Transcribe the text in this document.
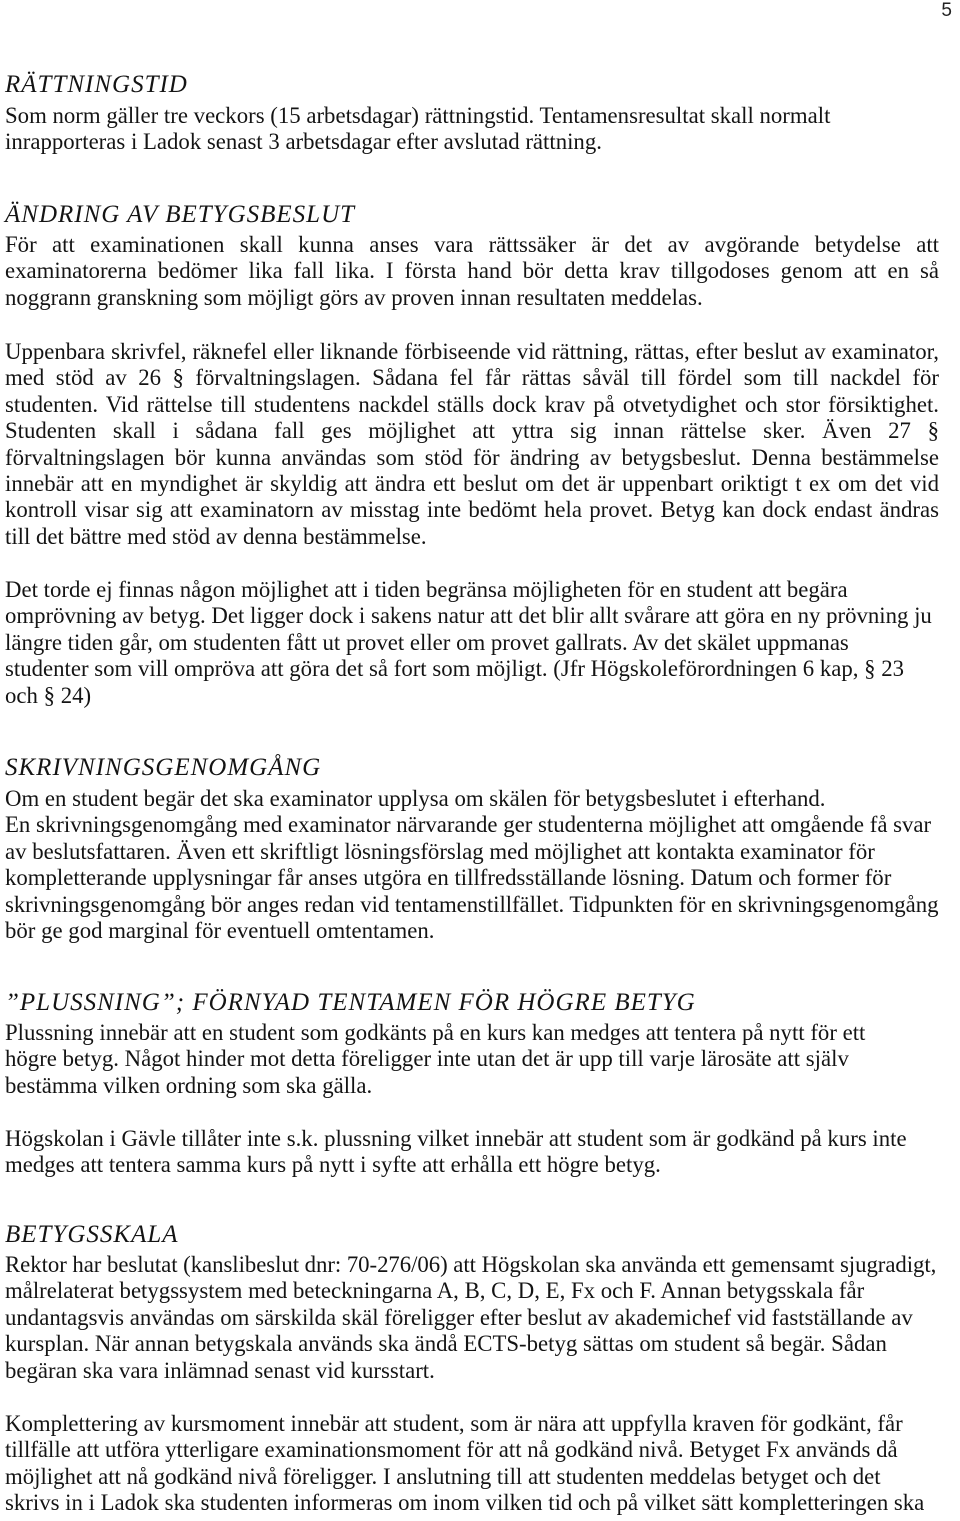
5
RÄTTNINGSTID
Som norm gäller tre veckors (15 arbetsdagar) rättningstid. Tentamensresultat skall normalt
inrapporteras i Ladok senast 3 arbetsdagar efter avslutad rättning.
ÄNDRING AV BETYGSBESLUT
För att examinationen skall kunna anses vara rättssäker är det av avgörande betydelse att
examinatorerna bedömer lika fall lika. I första hand bör detta krav tillgodoses genom att en så
noggrann granskning som möjligt görs av proven innan resultaten meddelas.
Uppenbara skrivfel, räknefel eller liknande förbiseende vid rättning, rättas, efter beslut av examinator,
med stöd av 26 § förvaltningslagen. Sådana fel får rättas såväl till fördel som till nackdel för
studenten. Vid rättelse till studentens nackdel ställs dock krav på otvetydighet och stor försiktighet.
Studenten skall i sådana fall ges möjlighet att yttra sig innan rättelse sker. Även 27 §
förvaltningslagen bör kunna användas som stöd för ändring av betygsbeslut. Denna bestämmelse
innebär att en myndighet är skyldig att ändra ett beslut om det är uppenbart oriktigt t ex om det vid
kontroll visar sig att examinatorn av misstag inte bedömt hela provet. Betyg kan dock endast ändras
till det bättre med stöd av denna bestämmelse.
Det torde ej finnas någon möjlighet att i tiden begränsa möjligheten för en student att begära
omprövning av betyg. Det ligger dock i sakens natur att det blir allt svårare att göra en ny prövning ju
längre tiden går, om studenten fått ut provet eller om provet gallrats. Av det skälet uppmanas
studenter som vill ompröva att göra det så fort som möjligt. (Jfr Högskoleförordningen 6 kap, § 23
och § 24)
SKRIVNINGSGENOMGÅNG
Om en student begär det ska examinator upplysa om skälen för betygsbeslutet i efterhand.
En skrivningsgenomgång med examinator närvarande ger studenterna möjlighet att omgående få svar
av beslutsfattaren. Även ett skriftligt lösningsförslag med möjlighet att kontakta examinator för
kompletterande upplysningar får anses utgöra en tillfredsställande lösning. Datum och former för
skrivningsgenomgång bör anges redan vid tentamenstillfället. Tidpunkten för en skrivningsgenomgång
bör ge god marginal för eventuell omtentamen.
”PLUSSNING”; FÖRNYAD TENTAMEN FÖR HÖGRE BETYG
Plussning innebär att en student som godkänts på en kurs kan medges att tentera på nytt för ett
högre betyg. Något hinder mot detta föreligger inte utan det är upp till varje lärosäte att själv
bestämma vilken ordning som ska gälla.
Högskolan i Gävle tillåter inte s.k. plussning vilket innebär att student som är godkänd på kurs inte
medges att tentera samma kurs på nytt i syfte att erhålla ett högre betyg.
BETYGSSKALA
Rektor har beslutat (kanslibeslut dnr: 70-276/06) att Högskolan ska använda ett gemensamt sjugradigt,
målrelaterat betygssystem med beteckningarna A, B, C, D, E, Fx och F. Annan betygsskala får
undantagsvis användas om särskilda skäl föreligger efter beslut av akademichef vid fastställande av
kursplan. När annan betygskala används ska ändå ECTS-betyg sättas om student så begär. Sådan
begäran ska vara inlämnad senast vid kursstart.
Komplettering av kursmoment innebär att student, som är nära att uppfylla kraven för godkänt, får
tillfälle att utföra ytterligare examinationsmoment för att nå godkänd nivå. Betyget Fx används då
möjlighet att nå godkänd nivå föreligger. I anslutning till att studenten meddelas betyget och det
skrivs in i Ladok ska studenten informeras om inom vilken tid och på vilket sätt kompletteringen ska
